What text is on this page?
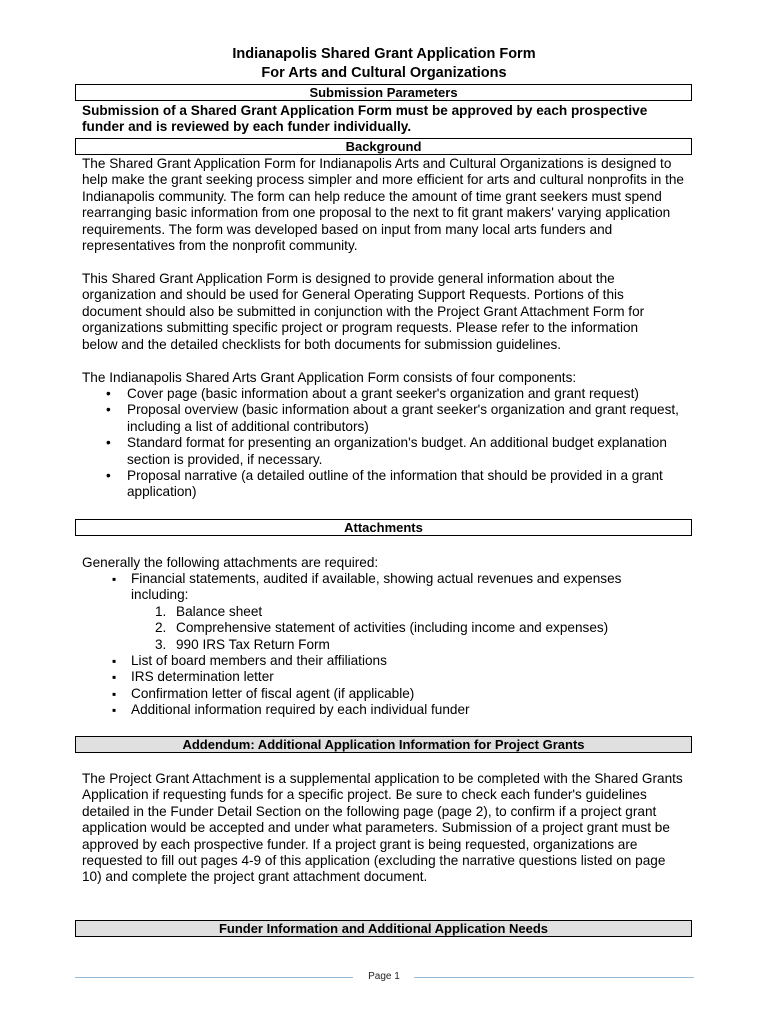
Indianapolis Shared Grant Application Form
For Arts and Cultural Organizations
Submission Parameters
Submission of a Shared Grant Application Form must be approved by each prospective funder and is reviewed by each funder individually.
Background
The Shared Grant Application Form for Indianapolis Arts and Cultural Organizations is designed to help make the grant seeking process simpler and more efficient for arts and cultural nonprofits in the Indianapolis community. The form can help reduce the amount of time grant seekers must spend rearranging basic information from one proposal to the next to fit grant makers' varying application requirements. The form was developed based on input from many local arts funders and representatives from the nonprofit community.
This Shared Grant Application Form is designed to provide general information about the organization and should be used for General Operating Support Requests. Portions of this document should also be submitted in conjunction with the Project Grant Attachment Form for organizations submitting specific project or program requests. Please refer to the information below and the detailed checklists for both documents for submission guidelines.
The Indianapolis Shared Arts Grant Application Form consists of four components:
• Cover page (basic information about a grant seeker's organization and grant request)
• Proposal overview (basic information about a grant seeker's organization and grant request, including a list of additional contributors)
• Standard format for presenting an organization's budget. An additional budget explanation section is provided, if necessary.
• Proposal narrative (a detailed outline of the information that should be provided in a grant application)
Attachments
Generally the following attachments are required:
▪ Financial statements, audited if available, showing actual revenues and expenses including:
1. Balance sheet
2. Comprehensive statement of activities (including income and expenses)
3. 990 IRS Tax Return Form
▪ List of board members and their affiliations
▪ IRS determination letter
▪ Confirmation letter of fiscal agent (if applicable)
▪ Additional information required by each individual funder
Addendum: Additional Application Information for Project Grants
The Project Grant Attachment is a supplemental application to be completed with the Shared Grants Application if requesting funds for a specific project. Be sure to check each funder's guidelines detailed in the Funder Detail Section on the following page (page 2), to confirm if a project grant application would be accepted and under what parameters. Submission of a project grant must be approved by each prospective funder. If a project grant is being requested, organizations are requested to fill out pages 4-9 of this application (excluding the narrative questions listed on page 10) and complete the project grant attachment document.
Funder Information and Additional Application Needs
Page 1
